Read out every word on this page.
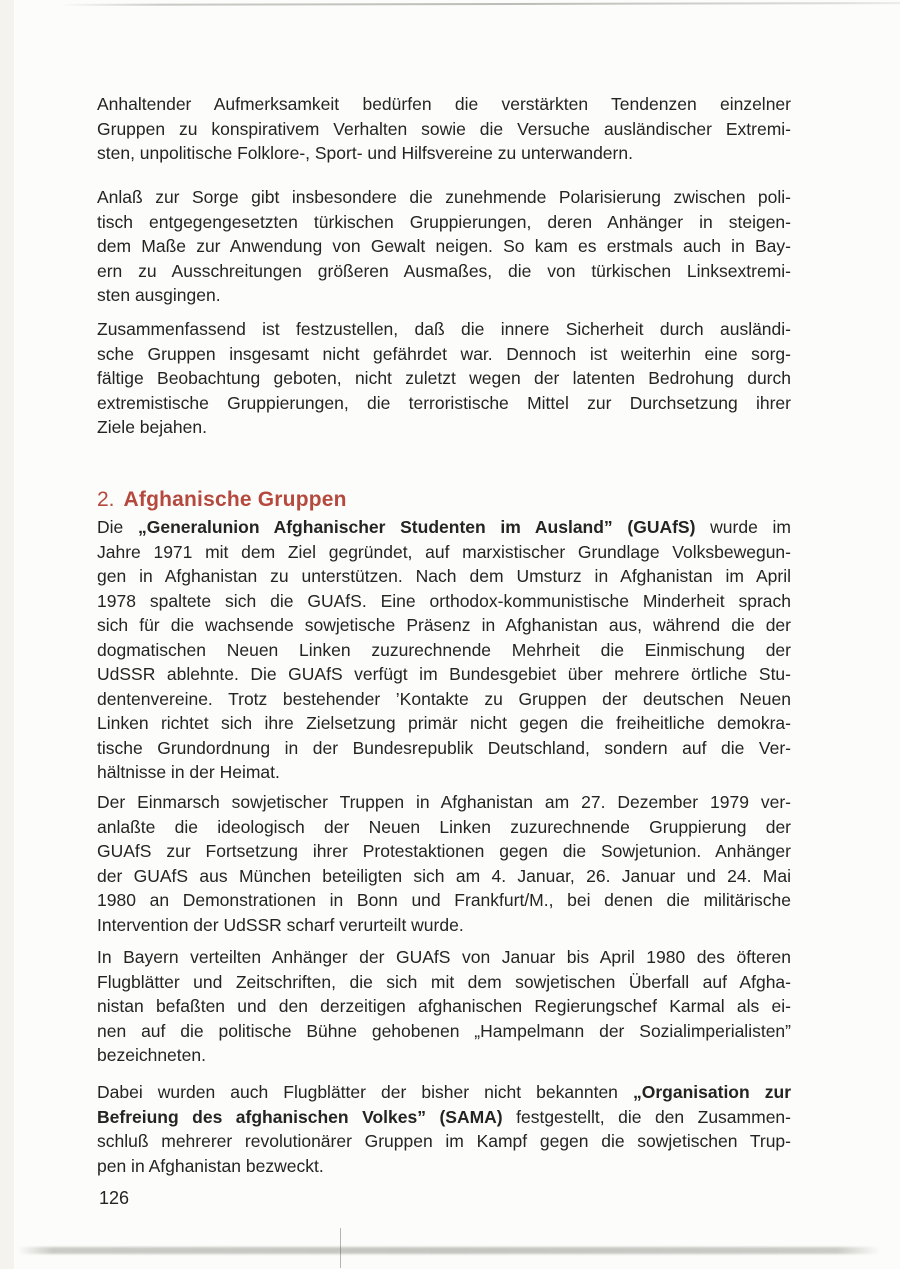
Anhaltender Aufmerksamkeit bedürfen die verstärkten Tendenzen einzelner
Gruppen zu konspirativem Verhalten sowie die Versuche ausländischer Extremi-
sten, unpolitische Folklore-, Sport- und Hilfsvereine zu unterwandern.

Anlaß zur Sorge gibt insbesondere die zunehmende Polarisierung zwischen poli-
tisch entgegengesetzten türkischen Gruppierungen, deren Anhänger in steigen-
dem Maße zur Anwendung von Gewalt neigen. So kam es erstmals auch in Bay-
ern zu Ausschreitungen größeren Ausmaßes, die von türkischen Linksextremi-
sten ausgingen.

Zusammenfassend ist festzustellen, daß die innere Sicherheit durch ausländi-
sche Gruppen insgesamt nicht gefährdet war. Dennoch ist weiterhin eine sorg-
fältige Beobachtung geboten, nicht zuletzt wegen der latenten Bedrohung durch
extremistische Gruppierungen, die terroristische Mittel zur Durchsetzung ihrer
Ziele bejahen.

2. Afghanische Gruppen

Die „Generalunion Afghanischer Studenten im Ausland” (GUAfS) wurde im
Jahre 1971 mit dem Ziel gegründet, auf marxistischer Grundlage Volksbewegun-
gen in Afghanistan zu unterstützen. Nach dem Umsturz in Afghanistan im April
1978 spaltete sich die GUAfS. Eine orthodox-kommunistische Minderheit sprach
sich für die wachsende sowjetische Präsenz in Afghanistan aus, während die der
dogmatischen Neuen Linken zuzurechnende Mehrheit die Einmischung der
UdSSR ablehnte. Die GUAfS verfügt im Bundesgebiet über mehrere örtliche Stu-
dentenvereine. Trotz bestehender ’Kontakte zu Gruppen der deutschen Neuen
Linken richtet sich ihre Zielsetzung primär nicht gegen die freiheitliche demokra-
tische Grundordnung in der Bundesrepublik Deutschland, sondern auf die Ver-
hältnisse in der Heimat.

Der Einmarsch sowjetischer Truppen in Afghanistan am 27. Dezember 1979 ver-
anlaßte die ideologisch der Neuen Linken zuzurechnende Gruppierung der
GUAfS zur Fortsetzung ihrer Protestaktionen gegen die Sowjetunion. Anhänger
der GUAfS aus München beteiligten sich am 4. Januar, 26. Januar und 24. Mai
1980 an Demonstrationen in Bonn und Frankfurt/M., bei denen die militärische
Intervention der UdSSR scharf verurteilt wurde.

In Bayern verteilten Anhänger der GUAfS von Januar bis April 1980 des öfteren
Flugblätter und Zeitschriften, die sich mit dem sowjetischen Überfall auf Afgha-
nistan befaßten und den derzeitigen afghanischen Regierungschef Karmal als ei-
nen auf die politische Bühne gehobenen „Hampelmann der Sozialimperialisten”
bezeichneten.

Dabei wurden auch Flugblätter der bisher nicht bekannten „Organisation zur
Befreiung des afghanischen Volkes” (SAMA) festgestellt, die den Zusammen-
schluß mehrerer revolutionärer Gruppen im Kampf gegen die sowjetischen Trup-
pen in Afghanistan bezweckt.

126
